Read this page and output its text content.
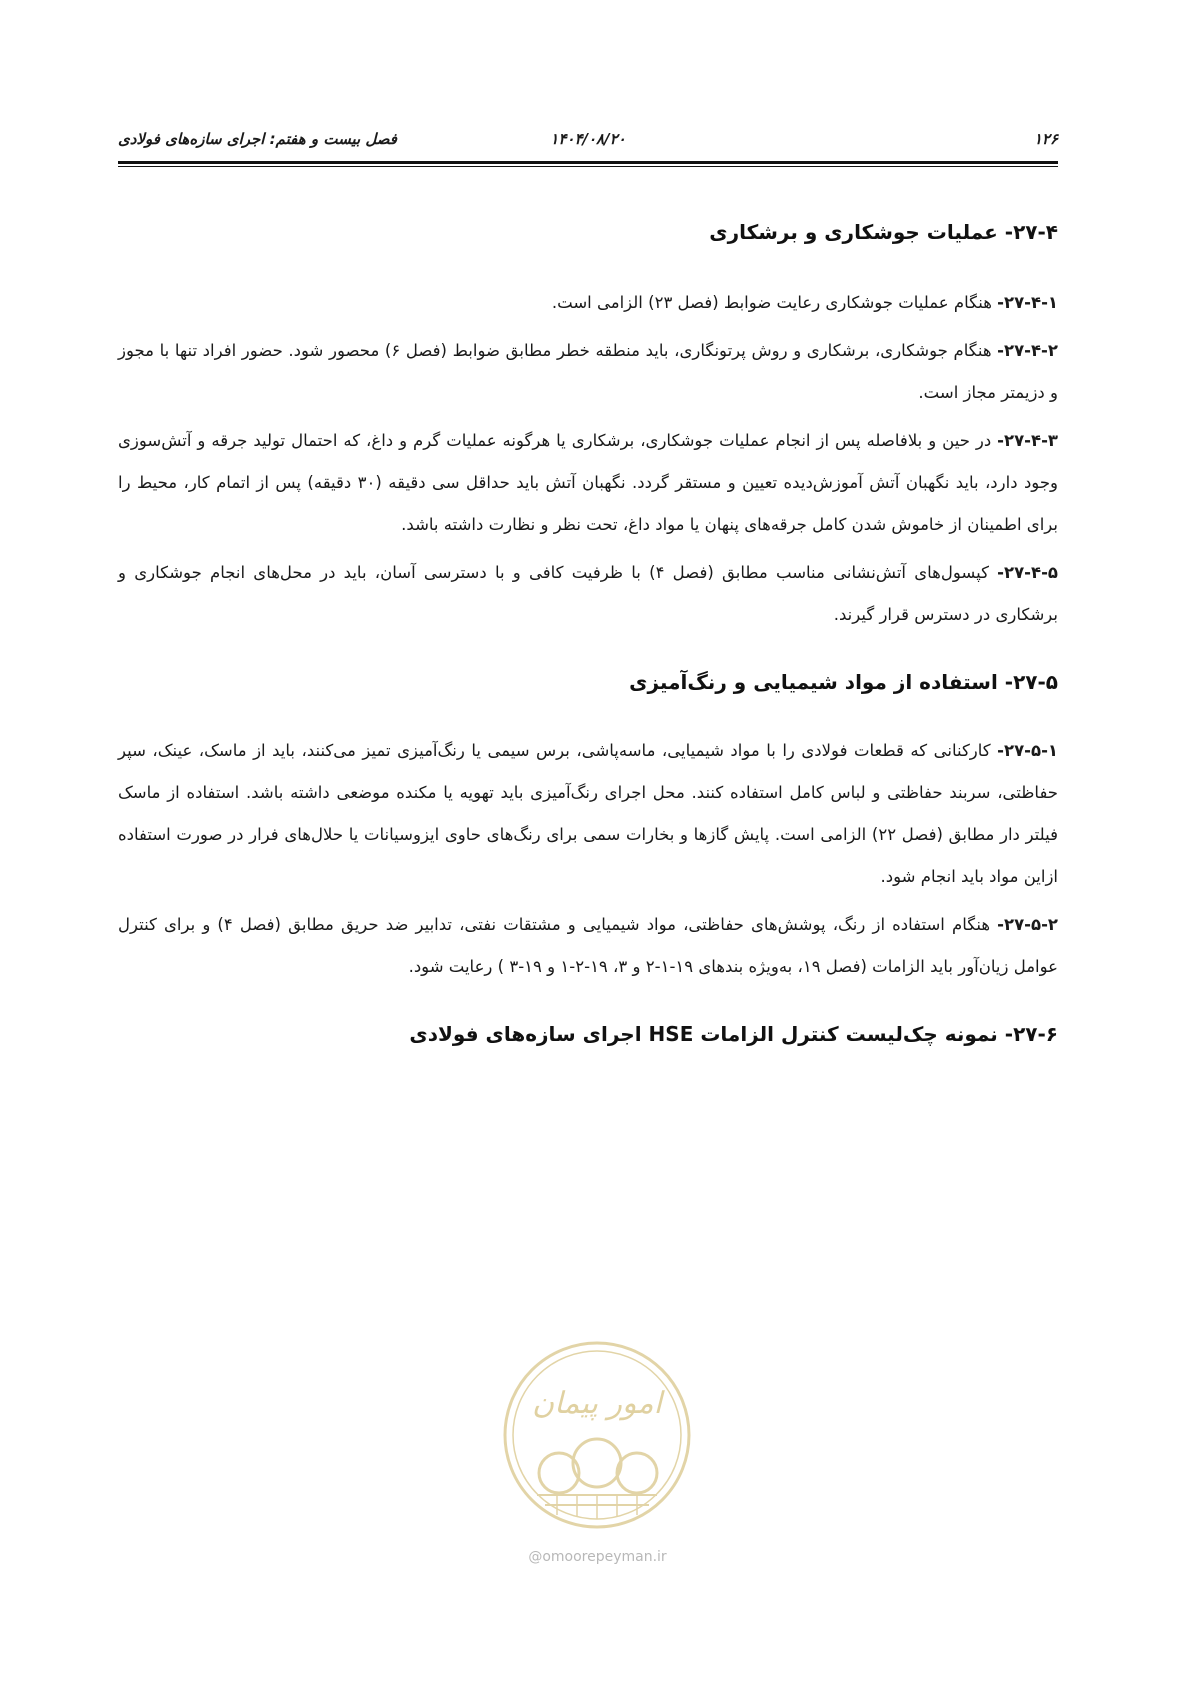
۱۲۶
۱۴۰۴/۰۸/۲۰
فصل بیست و هفتم: اجرای سازه‌های فولادی
۲۷-۴- عملیات جوشکاری و برشکاری

۲۷-۴-۱- هنگام عملیات جوشکاری رعایت ضوابط (فصل ۲۳) الزامی است.

۲۷-۴-۲- هنگام جوشکاری، برشکاری و روش پرتونگاری، باید منطقه خطر مطابق ضوابط (فصل ۶) محصور شود. حضور افراد تنها با مجوز و دزیمتر مجاز است.

۲۷-۴-۳- در حین و بلافاصله پس از انجام عملیات جوشکاری، برشکاری یا هرگونه عملیات گرم و داغ، که احتمال تولید جرقه و آتش‌سوزی وجود دارد، باید نگهبان آتش آموزش‌دیده تعیین و مستقر گردد. نگهبان آتش باید حداقل سی دقیقه (۳۰ دقیقه) پس از اتمام کار، محیط را برای اطمینان از خاموش شدن کامل جرقه‌های پنهان یا مواد داغ، تحت نظر و نظارت داشته باشد.

۲۷-۴-۵- کپسول‌های آتش‌نشانی مناسب مطابق (فصل ۴) با ظرفیت کافی و با دسترسی آسان، باید در محل‌های انجام جوشکاری و برشکاری در دسترس قرار گیرند.

۲۷-۵- استفاده از مواد شیمیایی و رنگ‌آمیزی

۲۷-۵-۱- کارکنانی که قطعات فولادی را با مواد شیمیایی، ماسه‌پاشی، برس سیمی یا رنگ‌آمیزی تمیز می‌کنند، باید از ماسک، عینک، سپر حفاظتی، سربند حفاظتی و لباس کامل استفاده کنند. محل اجرای رنگ‌آمیزی باید تهویه یا مکنده موضعی داشته باشد. استفاده از ماسک فیلتر دار مطابق (فصل ۲۲) الزامی است. پایش گازها و بخارات سمی برای رنگ‌های حاوی ایزوسیانات یا حلال‌های فرار در صورت استفاده ازاین مواد باید انجام شود.

۲۷-۵-۲- هنگام استفاده از رنگ، پوشش‌های حفاظتی، مواد شیمیایی و مشتقات نفتی، تدابیر ضد حریق مطابق (فصل ۴) و برای کنترل عوامل زیان‌آور باید الزامات (فصل ۱۹، به‌ویژه بندهای ۱۹-۱-۲ و ۳، ۱۹-۲-۱ و ۱۹-۳ ) رعایت شود.

۲۷-۶- نمونه چک‌لیست کنترل الزامات HSE اجرای سازه‌های فولادی
امور پیمان
@omoorepeyman.ir
